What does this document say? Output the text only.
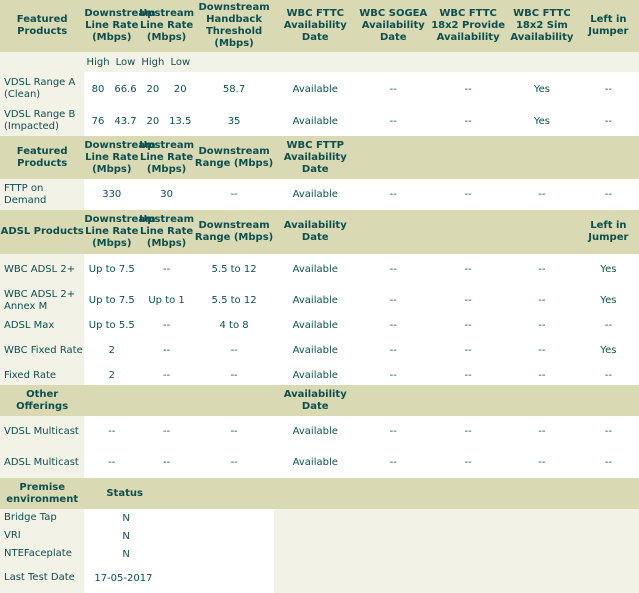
Featured Products	Downstream Line Rate (Mbps)		Upstream Line Rate (Mbps)		Downstream Handback Threshold (Mbps)	WBC FTTC Availability Date	WBC SOGEA Availability Date	WBC FTTC 18x2 Provide Availability	WBC FTTC 18x2 Sim Availability	Left in Jumper
	High	Low	High	Low						
VDSL Range A (Clean)	80	66.6	20	20	58.7	Available	--	--	Yes	--
VDSL Range B (Impacted)	76	43.7	20	13.5	35	Available	--	--	Yes	--
Featured Products	Downstream Line Rate (Mbps)		Upstream Line Rate (Mbps)		Downstream Range (Mbps)	WBC FTTP Availability Date				
FTTP on Demand	330		30		--	Available	--	--	--	--
ADSL Products	Downstream Line Rate (Mbps)		Upstream Line Rate (Mbps)		Downstream Range (Mbps)	Availability Date				Left in Jumper
WBC ADSL 2+	Up to 7.5		--		5.5 to 12	Available	--	--	--	Yes
WBC ADSL 2+ Annex M	Up to 7.5		Up to 1		5.5 to 12	Available	--	--	--	Yes
ADSL Max	Up to 5.5		--		4 to 8	Available	--	--	--	--
WBC Fixed Rate	2		--		--	Available	--	--	--	Yes
Fixed Rate	2		--		--	Available	--	--	--	--
Other Offerings						Availability Date				
VDSL Multicast	--		--		--	Available	--	--	--	--
ADSL Multicast	--		--		--	Available	--	--	--	--
Premise environment	Status									
Bridge Tap	N									
VRI	N									
NTEFaceplate	N									
Last Test Date	17-05-2017									
